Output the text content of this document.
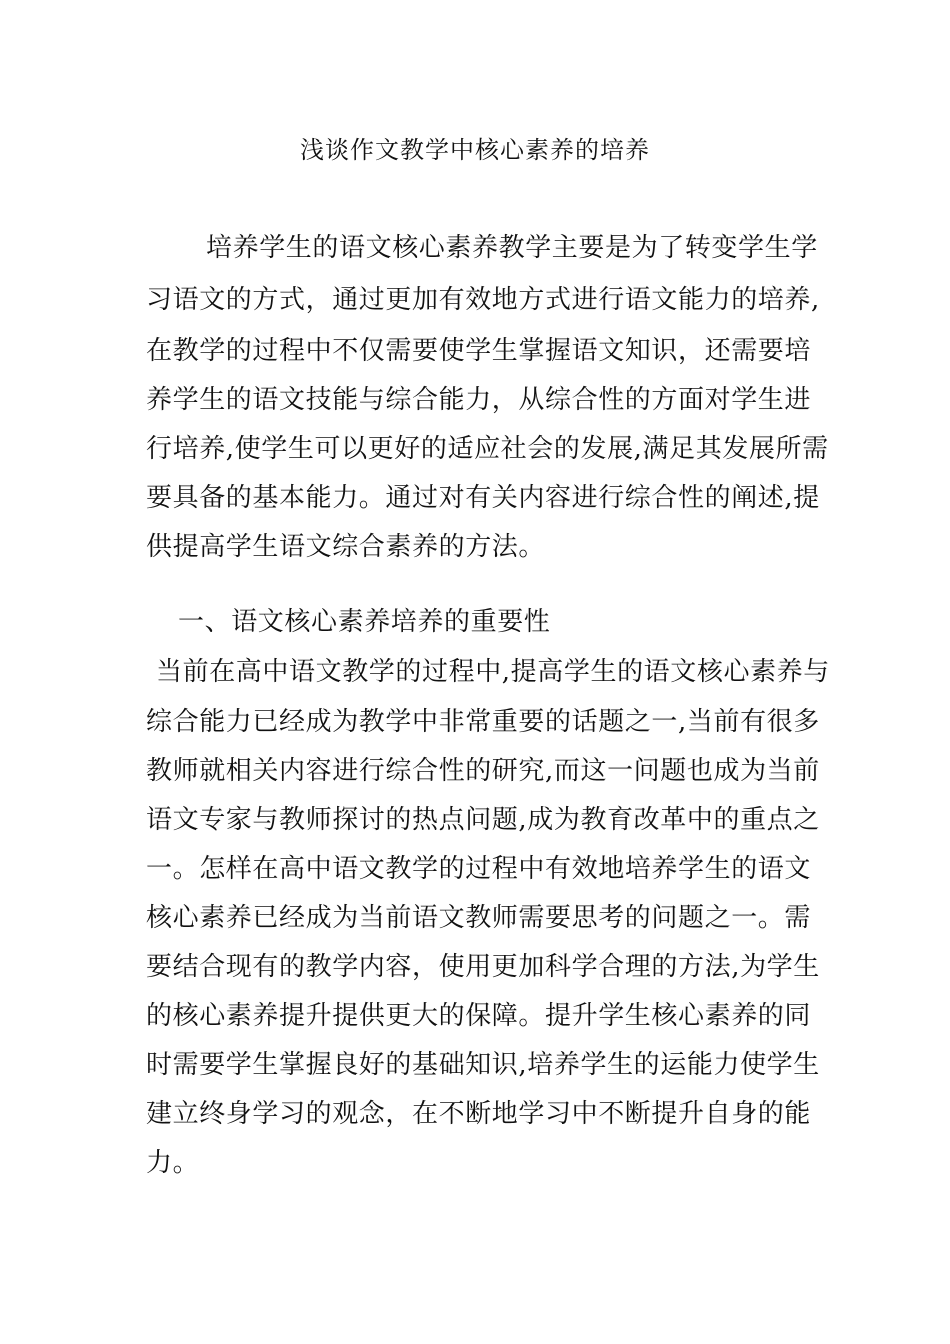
浅谈作文教学中核心素养的培养
培养学生的语文核心素养教学主要是为了转变学生学
习语文的方式，通过更加有效地方式进行语文能力的培养,
在教学的过程中不仅需要使学生掌握语文知识，还需要培
养学生的语文技能与综合能力，从综合性的方面对学生进
行培养,使学生可以更好的适应社会的发展,满足其发展所需
要具备的基本能力。通过对有关内容进行综合性的阐述,提
供提高学生语文综合素养的方法。
一、语文核心素养培养的重要性
当前在高中语文教学的过程中,提高学生的语文核心素养与
综合能力已经成为教学中非常重要的话题之一,当前有很多
教师就相关内容进行综合性的研究,而这一问题也成为当前
语文专家与教师探讨的热点问题,成为教育改革中的重点之
一。怎样在高中语文教学的过程中有效地培养学生的语文
核心素养已经成为当前语文教师需要思考的问题之一。需
要结合现有的教学内容，使用更加科学合理的方法,为学生
的核心素养提升提供更大的保障。提升学生核心素养的同
时需要学生掌握良好的基础知识,培养学生的运能力使学生
建立终身学习的观念，在不断地学习中不断提升自身的能
力。
